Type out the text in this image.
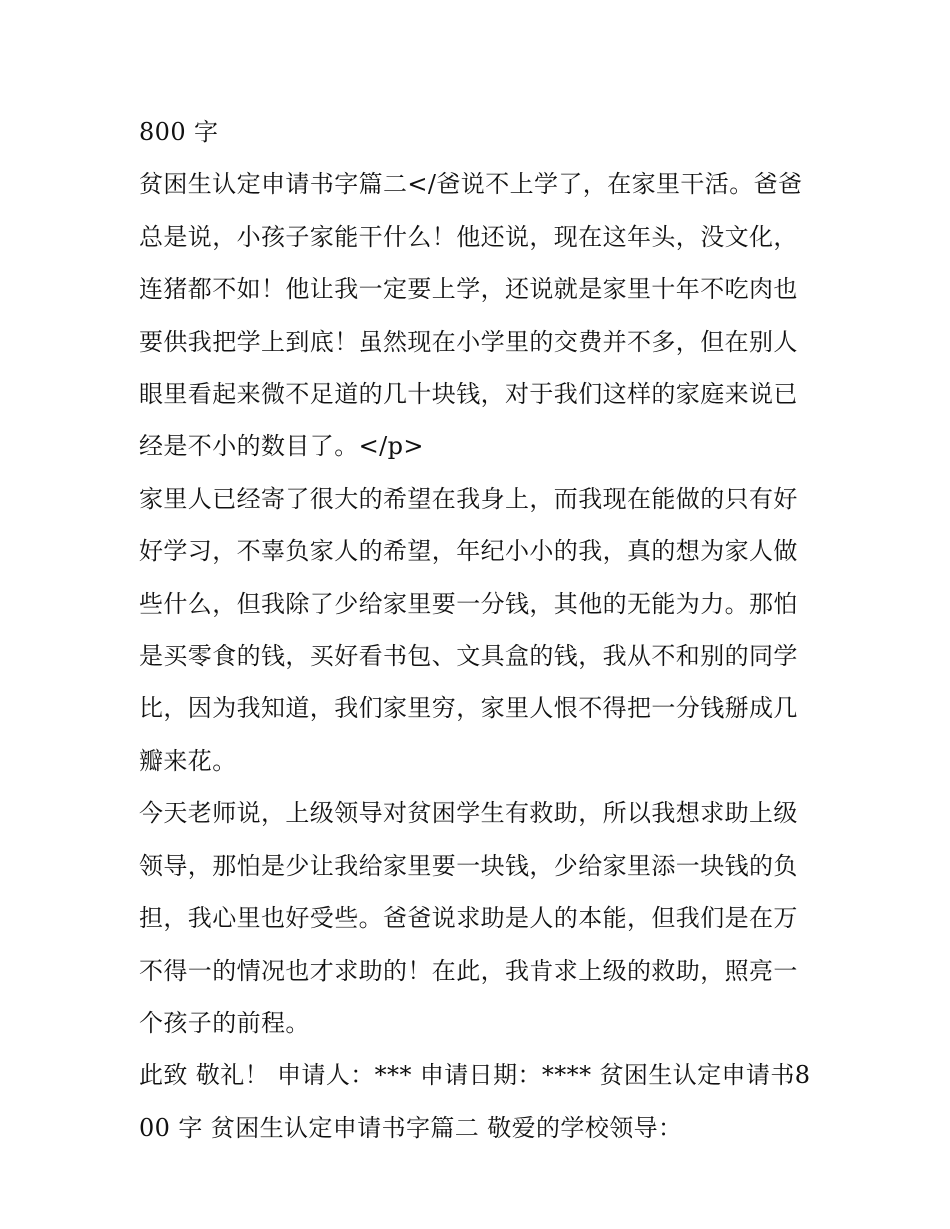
800 字

贫困生认定申请书字篇二</爸说不上学了，在家里干活。爸爸总是说，小孩子家能干什么！他还说，现在这年头，没文化，连猪都不如！他让我一定要上学，还说就是家里十年不吃肉也要供我把学上到底！虽然现在小学里的交费并不多，但在别人眼里看起来微不足道的几十块钱，对于我们这样的家庭来说已经是不小的数目了。</p>

家里人已经寄了很大的希望在我身上，而我现在能做的只有好好学习，不辜负家人的希望，年纪小小的我，真的想为家人做些什么，但我除了少给家里要一分钱，其他的无能为力。那怕是买零食的钱，买好看书包、文具盒的钱，我从不和别的同学比，因为我知道，我们家里穷，家里人恨不得把一分钱掰成几瓣来花。

今天老师说，上级领导对贫困学生有救助，所以我想求助上级领导，那怕是少让我给家里要一块钱，少给家里添一块钱的负担，我心里也好受些。爸爸说求助是人的本能，但我们是在万不得一的情况也才求助的！在此，我肯求上级的救助，照亮一个孩子的前程。

此致 敬礼！ 申请人：*** 申请日期：**** 贫困生认定申请书800 字 贫困生认定申请书字篇二 敬爱的学校领导：
